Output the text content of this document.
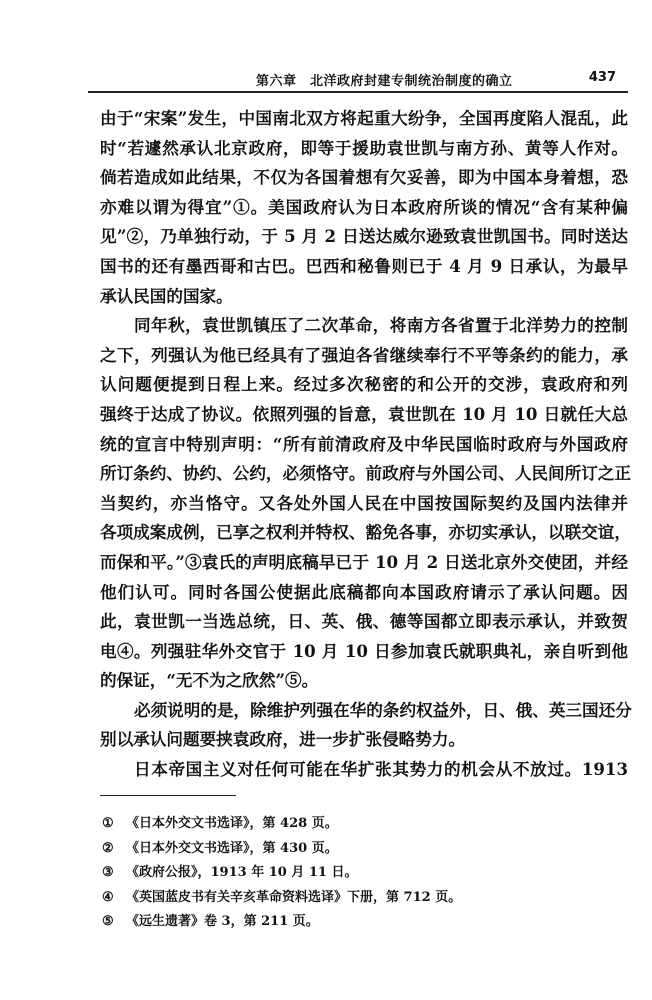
第六章　北洋政府封建专制统治制度的确立	437
由于“宋案”发生，中国南北双方将起重大纷争，全国再度陷人混乱，此
时“若遽然承认北京政府，即等于援助袁世凯与南方孙、黄等人作对。
倘若造成如此结果，不仅为各国着想有欠妥善，即为中国本身着想，恐
亦难以谓为得宜”①。美国政府认为日本政府所谈的情况“含有某种偏
见”②，乃单独行动，于 5 月 2 日送达威尔逊致袁世凯国书。同时送达
国书的还有墨西哥和古巴。巴西和秘鲁则已于 4 月 9 日承认，为最早
承认民国的国家。
同年秋，袁世凯镇压了二次革命，将南方各省置于北洋势力的控制
之下，列强认为他已经具有了强迫各省继续奉行不平等条约的能力，承
认问题便提到日程上来。经过多次秘密的和公开的交涉，袁政府和列
强终于达成了协议。依照列强的旨意，袁世凯在 10 月 10 日就任大总
统的宣言中特别声明：“所有前清政府及中华民国临时政府与外国政府
所订条约、协约、公约，必须恪守。前政府与外国公司、人民间所订之正
当契约，亦当恪守。又各处外国人民在中国按国际契约及国内法律并
各项成案成例，已享之权利并特权、豁免各事，亦切实承认，以联交谊，
而保和平。”③袁氏的声明底稿早已于 10 月 2 日送北京外交使团，并经
他们认可。同时各国公使据此底稿都向本国政府请示了承认问题。因
此，袁世凯一当选总统，日、英、俄、德等国都立即表示承认，并致贺
电④。列强驻华外交官于 10 月 10 日参加袁氏就职典礼，亲自听到他
的保证，“无不为之欣然”⑤。
必须说明的是，除维护列强在华的条约权益外，日、俄、英三国还分
别以承认问题要挟袁政府，进一步扩张侵略势力。
日本帝国主义对任何可能在华扩张其势力的机会从不放过。1913
① 《日本外交文书选译》，第 428 页。
② 《日本外交文书选译》，第 430 页。
③ 《政府公报》，1913 年 10 月 11 日。
④ 《英国蓝皮书有关辛亥革命资料选译》下册，第 712 页。
⑤ 《远生遗著》卷 3，第 211 页。
